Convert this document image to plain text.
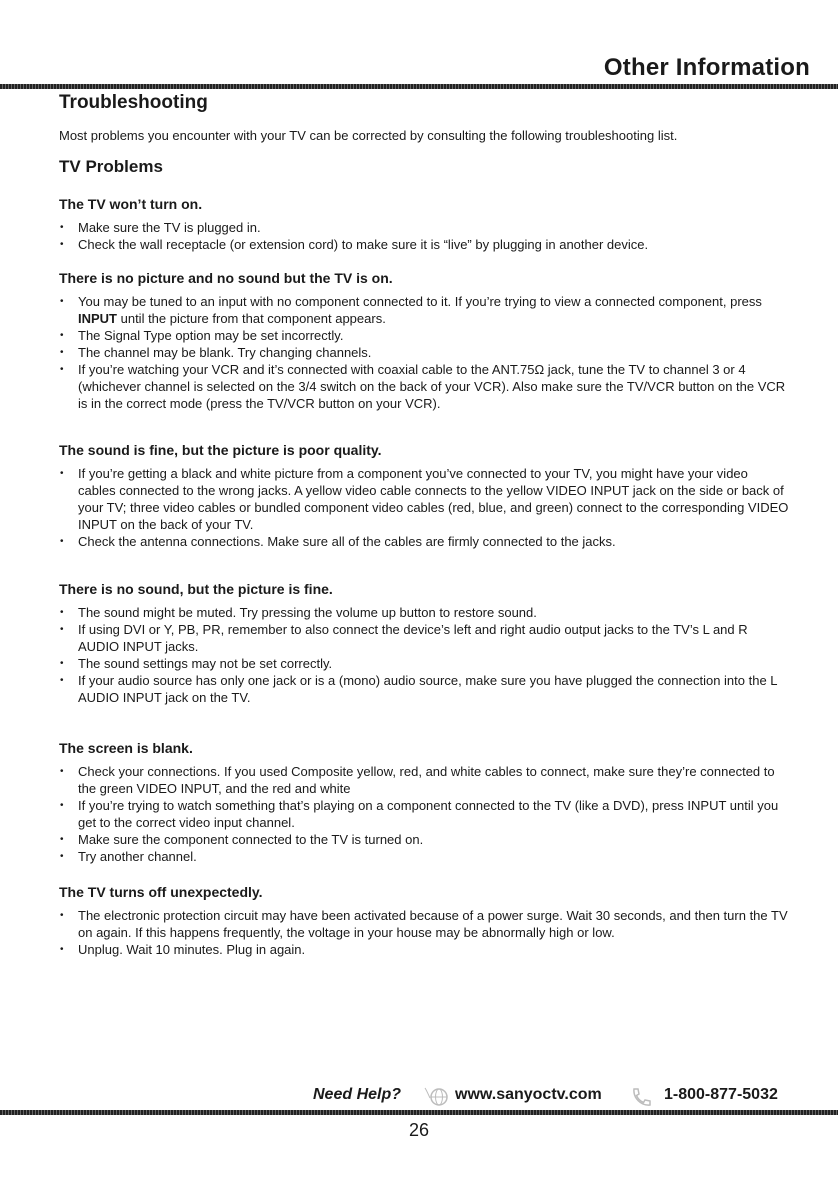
Other Information
Troubleshooting

Most problems you encounter with your TV can be corrected by consulting the following troubleshooting list.

TV Problems
The TV won’t turn on.
• Make sure the TV is plugged in.
• Check the wall receptacle (or extension cord) to make sure it is “live” by plugging in another device.
There is no picture and no sound but the TV is on.
• You may be tuned to an input with no component connected to it. If you’re trying to view a connected component, press INPUT until the picture from that component appears.
• The Signal Type option may be set incorrectly.
• The channel may be blank. Try changing channels.
• If you’re watching your VCR and it’s connected with coaxial cable to the ANT.75Ω jack, tune the TV to channel 3 or 4 (whichever channel is selected on the 3/4 switch on the back of your VCR). Also make sure the TV/VCR button on the VCR is in the correct mode (press the TV/VCR button on your VCR).
The sound is fine, but the picture is poor quality.
• If you’re getting a black and white picture from a component you’ve connected to your TV, you might have your video cables connected to the wrong jacks. A yellow video cable connects to the yellow VIDEO INPUT jack on the side or back of your TV; three video cables or bundled component video cables (red, blue, and green) connect to the corresponding VIDEO INPUT on the back of your TV.
• Check the antenna connections. Make sure all of the cables are firmly connected to the jacks.
There is no sound, but the picture is fine.
• The sound might be muted. Try pressing the volume up button to restore sound.
• If using DVI or Y, PB, PR, remember to also connect the device’s left and right audio output jacks to the TV’s L and R AUDIO INPUT jacks.
• The sound settings may not be set correctly.
• If your audio source has only one jack or is a (mono) audio source, make sure you have plugged the connection into the L AUDIO INPUT jack on the TV.
The screen is blank.
• Check your connections. If you used Composite yellow, red, and white cables to connect, make sure they’re connected to the green VIDEO INPUT, and the red and white
• If you’re trying to watch something that’s playing on a component connected to the TV (like a DVD), press INPUT until you get to the correct video input channel.
• Make sure the component connected to the TV is turned on.
• Try another channel.
The TV turns off unexpectedly.
• The electronic protection circuit may have been activated because of a power surge. Wait 30 seconds, and then turn the TV on again. If this happens frequently, the voltage in your house may be abnormally high or low.
• Unplug. Wait 10 minutes. Plug in again.
Need Help?	www.sanyoctv.com	1-800-877-5032
26
